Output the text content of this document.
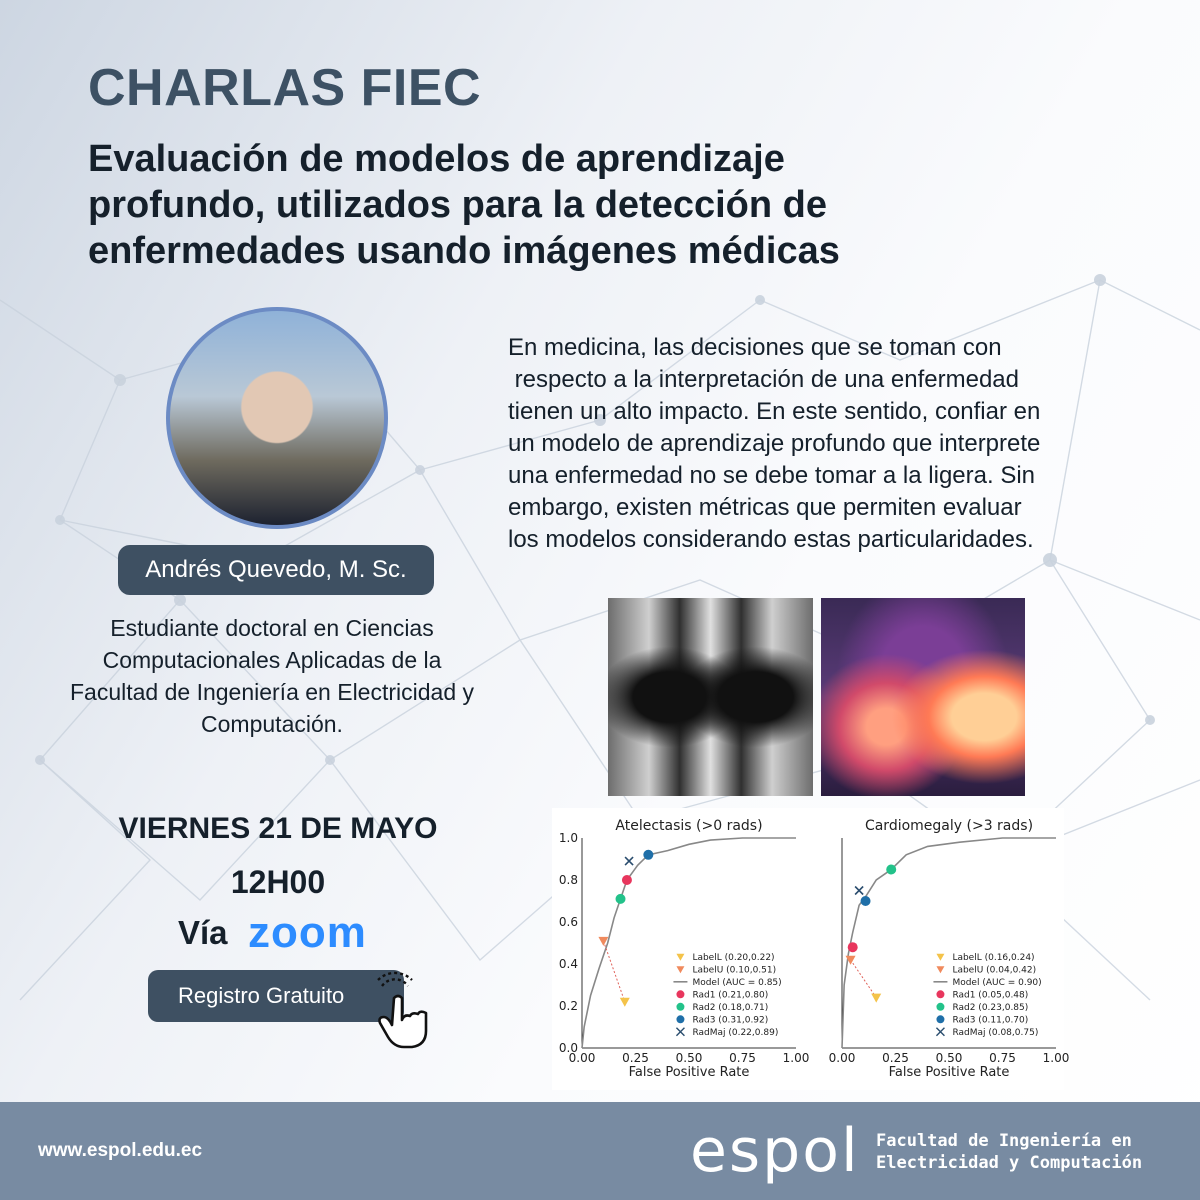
CHARLAS FIEC
Evaluación de modelos de aprendizaje profundo, utilizados para la detección de enfermedades usando imágenes médicas
Andrés Quevedo, M. Sc.
Estudiante doctoral en Ciencias Computacionales Aplicadas de la Facultad de Ingeniería en Electricidad y Computación.

En medicina, las decisiones que se toman con

respecto a la interpretación de una enfermedad

tienen un alto impacto. En este sentido, confiar en

un modelo de aprendizaje profundo que interprete

una enfermedad no se debe tomar a la ligera. Sin

embargo, existen métricas que permiten evaluar

los modelos considerando estas particularidades.

Atelectasis (>0 rads)
0.00 0.25 0.50 0.75 1.00
0.0
0.2
0.4
0.6
0.8
1.0
False Positive Rate
LabelL (0.20,0.22)
LabelU (0.10,0.51)
Model (AUC = 0.85)
Rad1 (0.21,0.80)
Rad2 (0.18,0.71)
Rad3 (0.31,0.92)
RadMaj (0.22,0.89)
Cardiomegaly (>3 rads)
0.00 0.25 0.50 0.75 1.00
False Positive Rate
LabelL (0.16,0.24)
LabelU (0.04,0.42)
Model (AUC = 0.90)
Rad1 (0.05,0.48)
Rad2 (0.23,0.85)
Rad3 (0.11,0.70)
RadMaj (0.08,0.75)
VIERNES 21 DE MAYO
12H00
Vía zoom
Registro Gratuito
www.espol.edu.ec	espol Facultad de Ingeniería en
Electricidad y Computación
